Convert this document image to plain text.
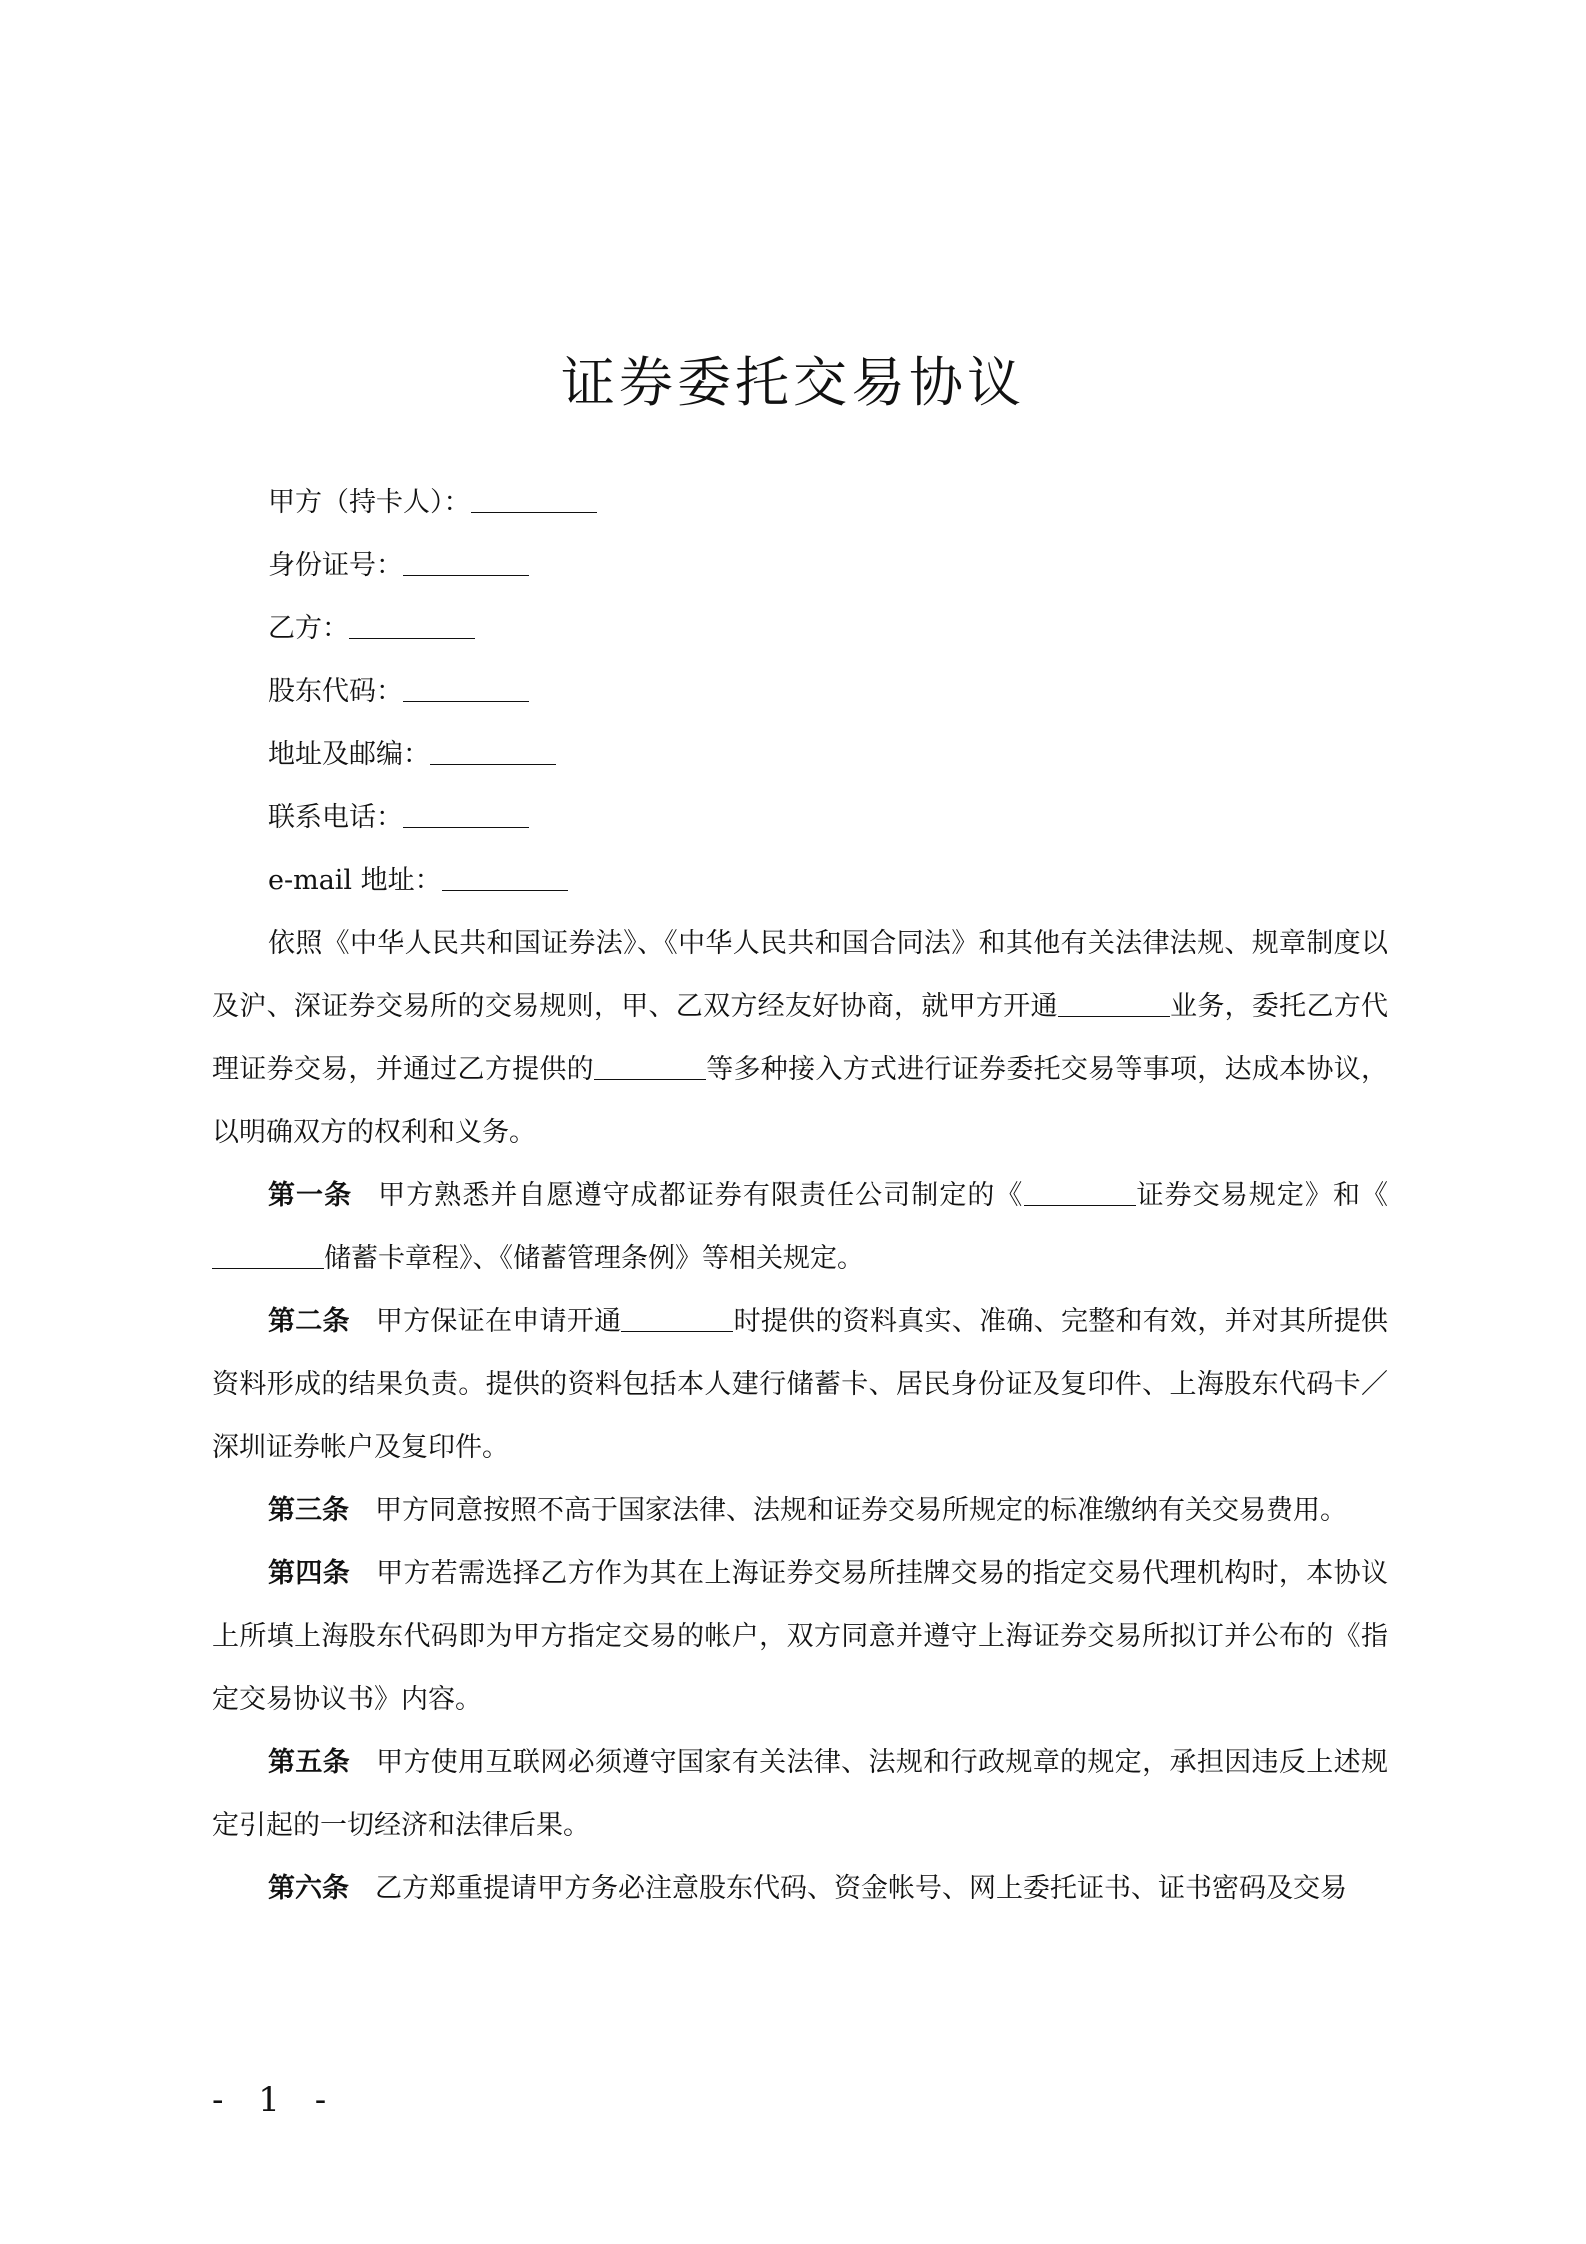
证券委托交易协议
甲方（持卡人）：
身份证号：
乙方：
股东代码：
地址及邮编：
联系电话：
e-mail 地址：

依照《中华人民共和国证券法》、《中华人民共和国合同法》和其他有关法律法规、规章制度以及沪、深证券交易所的交易规则，甲、乙双方经友好协商，就甲方开通	业务，委托乙方代理证券交易，并通过乙方提供的	等多种接入方式进行证券委托交易等事项，达成本协议，以明确双方的权利和义务。

第一条 甲方熟悉并自愿遵守成都证券有限责任公司制定的《	证券交易规定》和《储蓄卡章程》、《储蓄管理条例》等相关规定。

第二条 甲方保证在申请开通	时提供的资料真实、准确、完整和有效，并对其所提供资料形成的结果负责。提供的资料包括本人建行储蓄卡、居民身份证及复印件、上海股东代码卡／深圳证券帐户及复印件。

第三条 甲方同意按照不高于国家法律、法规和证券交易所规定的标准缴纳有关交易费用。

第四条 甲方若需选择乙方作为其在上海证券交易所挂牌交易的指定交易代理机构时，本协议上所填上海股东代码即为甲方指定交易的帐户，双方同意并遵守上海证券交易所拟订并公布的《指定交易协议书》内容。

第五条 甲方使用互联网必须遵守国家有关法律、法规和行政规章的规定，承担因违反上述规定引起的一切经济和法律后果。

第六条 乙方郑重提请甲方务必注意股东代码、资金帐号、网上委托证书、证书密码及交易

- 1 -
